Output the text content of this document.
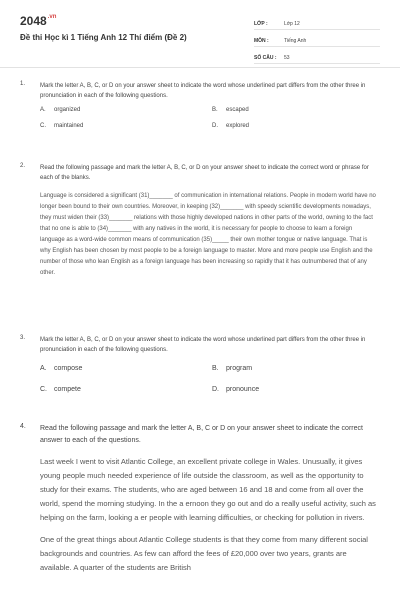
$2048^{.vn}$
Đề thi Học kì 1 Tiếng Anh 12 Thí điểm (Đề 2)
LỚP :	Lớp 12
MÔN :	Tiếng Anh
SỐ CÂU :	53
1. Mark the letter A, B, C, or D on your answer sheet to indicate the word whose underlined part differs from the other three in pronunciation in each of the following questions.
A. organized	B. escaped
C. maintained	D. explored
2. Read the following passage and mark the letter A, B, C, or D on your answer sheet to indicate the correct word or phrase for each of the blanks.
Language is considered a significant (31)_______ of communication in international relations. People in modern world have no longer been bound to their own countries. Moreover, in keeping (32)_______ with speedy scientific developments nowadays, they must widen their (33)_______ relations with those highly developed nations in other parts of the world, owning to the fact that no one is able to (34)_______ with any natives in the world, it is necessary for people to choose to learn a foreign language as a word-wide common means of communication (35)_____ their own mother tongue or native language. That is why English has been chosen by most people to be a foreign language to master. More and more people use English and the number of those who lean English as a foreign language has been increasing so rapidly that it has outnumbered that of any other.
3. Mark the letter A, B, C, or D on your answer sheet to indicate the word whose underlined part differs from the other three in pronunciation in each of the following questions.
A. compose	B. program
C. compete	D. pronounce
4. Read the following passage and mark the letter A, B, C or D on your answer sheet to indicate the correct answer to each of the questions.

Last week I went to visit Atlantic College, an excellent private college in Wales. Unusually, it gives young people much needed experience of life outside the classroom, as well as the opportunity to study for their exams. The students, who are aged between 16 and 18 and come from all over the world, spend the morning studying. In the a ernoon they go out and do a really useful activity, such as helping on the farm, looking a er people with learning difficulties, or checking for pollution in rivers.

One of the great things about Atlantic College students is that they come from many different social backgrounds and countries. As few can afford the fees of £20,000 over two years, grants are available. A quarter of the students are British
